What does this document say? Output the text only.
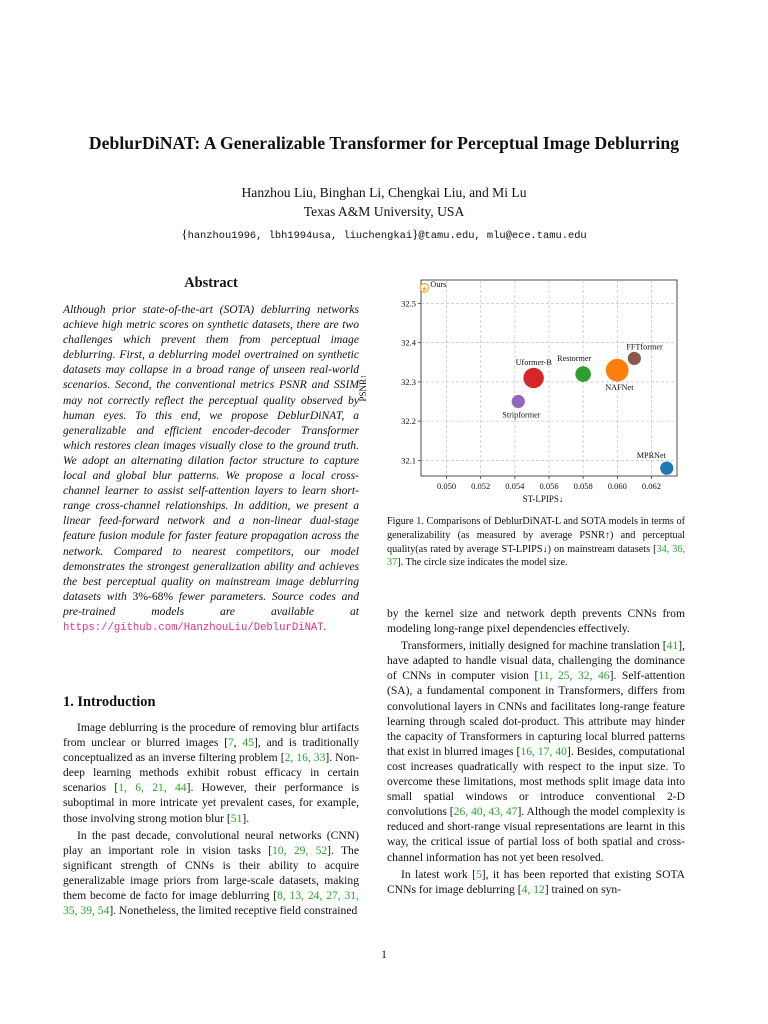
DeblurDiNAT: A Generalizable Transformer for Perceptual Image Deblurring
Hanzhou Liu, Binghan Li, Chengkai Liu, and Mi Lu
Texas A&M University, USA
{hanzhou1996, lbh1994usa, liuchengkai}@tamu.edu, mlu@ece.tamu.edu
Abstract
Although prior state-of-the-art (SOTA) deblurring networks achieve high metric scores on synthetic datasets, there are two challenges which prevent them from perceptual image deblurring. First, a deblurring model overtrained on synthetic datasets may collapse in a broad range of unseen real-world scenarios. Second, the conventional metrics PSNR and SSIM may not correctly reflect the perceptual quality observed by human eyes. To this end, we propose DeblurDiNAT, a generalizable and efficient encoder-decoder Transformer which restores clean images visually close to the ground truth. We adopt an alternating dilation factor structure to capture local and global blur patterns. We propose a local cross-channel learner to assist self-attention layers to learn short-range cross-channel relationships. In addition, we present a linear feed-forward network and a non-linear dual-stage feature fusion module for faster feature propagation across the network. Compared to nearest competitors, our model demonstrates the strongest generalization ability and achieves the best perceptual quality on mainstream image deblurring datasets with 3%-68% fewer parameters. Source codes and pre-trained models are available at https://github.com/HanzhouLiu/DeblurDiNAT.
1. Introduction

Image deblurring is the procedure of removing blur artifacts from unclear or blurred images [7, 45], and is traditionally conceptualized as an inverse filtering problem [2, 16, 33]. Non-deep learning methods exhibit robust efficacy in certain scenarios [1, 6, 21, 44]. However, their performance is suboptimal in more intricate yet prevalent cases, for example, those involving strong motion blur [51].

In the past decade, convolutional neural networks (CNN) play an important role in vision tasks [10, 29, 52]. The significant strength of CNNs is their ability to acquire generalizable image priors from large-scale datasets, making them become de facto for image deblurring [8, 13, 24, 27, 31, 35, 39, 54]. Nonetheless, the limited receptive field constrained

0.050 0.052 0.054 0.056 0.058 0.060 0.062
32.1
32.2
32.3
32.4
32.5
ST-LPIPS↓
PSNR↑
★ Ours
Uformer-B Restormer
NAFNet
FFTformer
Stripformer
MPRNet
Figure 1. Comparisons of DeblurDiNAT-L and SOTA models in terms of generalizability (as measured by average PSNR↑) and perceptual quality(as rated by average ST-LPIPS↓) on mainstream datasets [34, 36, 37]. The circle size indicates the model size.

by the kernel size and network depth prevents CNNs from modeling long-range pixel dependencies effectively.

Transformers, initially designed for machine translation [41], have adapted to handle visual data, challenging the dominance of CNNs in computer vision [11, 25, 32, 46]. Self-attention (SA), a fundamental component in Transformers, differs from convolutional layers in CNNs and facilitates long-range feature learning through scaled dot-product. This attribute may hinder the capacity of Transformers in capturing local blurred patterns that exist in blurred images [16, 17, 40]. Besides, computational cost increases quadratically with respect to the input size. To overcome these limitations, most methods split image data into small spatial windows or introduce conventional 2-D convolutions [26, 40, 43, 47]. Although the model complexity is reduced and short-range visual representations are learnt in this way, the critical issue of partial loss of both spatial and cross-channel information has not yet been resolved.

In latest work [5], it has been reported that existing SOTA CNNs for image deblurring [4, 12] trained on syn-

1
